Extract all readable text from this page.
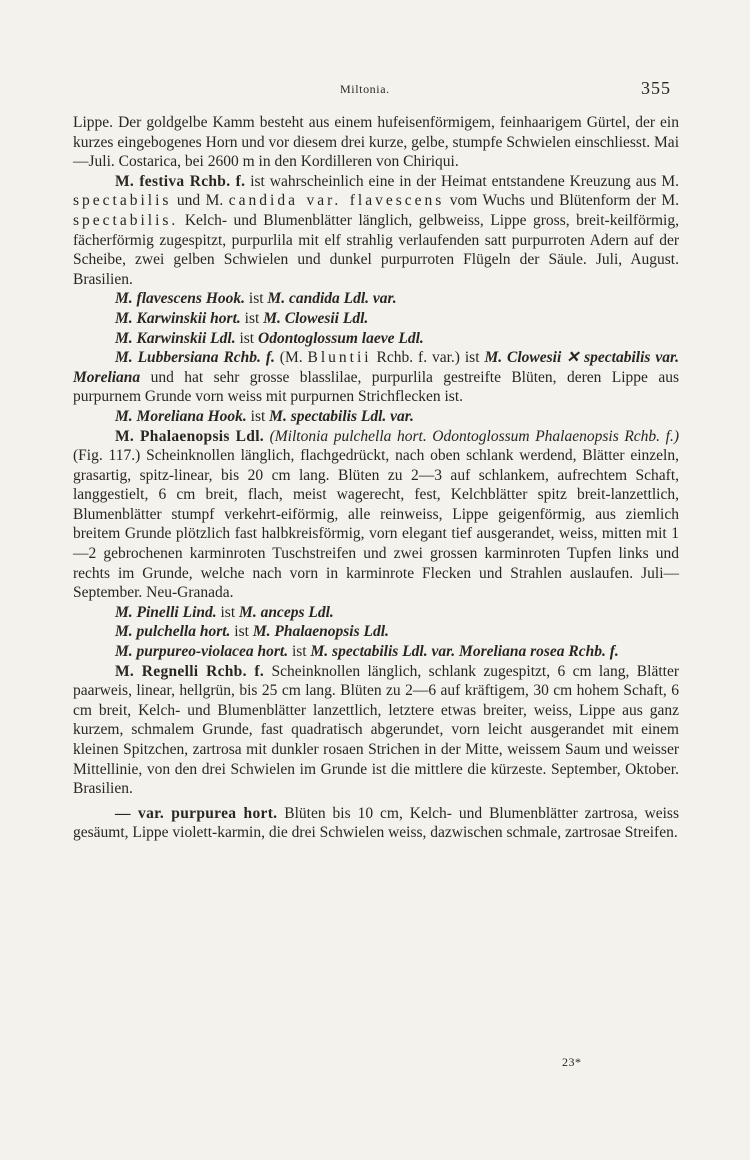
Miltonia.	355

Lippe. Der goldgelbe Kamm besteht aus einem hufeisenförmigem, feinhaarigem Gürtel, der ein kurzes eingebogenes Horn und vor diesem drei kurze, gelbe, stumpfe Schwielen einschliesst. Mai—Juli. Costarica, bei 2600 m in den Kordilleren von Chiriqui.

M. festiva Rchb. f. ist wahrscheinlich eine in der Heimat entstandene Kreuzung aus M. spectabilis und M. candida var. flavescens vom Wuchs und Blütenform der M. spectabilis. Kelch- und Blumenblätter länglich, gelbweiss, Lippe gross, breit-keilförmig, fächerförmig zugespitzt, purpurlila mit elf strahlig verlaufenden satt purpurroten Adern auf der Scheibe, zwei gelben Schwielen und dunkel purpurroten Flügeln der Säule. Juli, August. Brasilien.

M. flavescens Hook. ist M. candida Ldl. var.

M. Karwinskii hort. ist M. Clowesii Ldl.

M. Karwinskii Ldl. ist Odontoglossum laeve Ldl.

M. Lubbersiana Rchb. f. (M. Bluntii Rchb. f. var.) ist M. Clowesii ✕ spectabilis var. Moreliana und hat sehr grosse blasslilae, purpurlila gestreifte Blüten, deren Lippe aus purpurnem Grunde vorn weiss mit purpurnen Strichflecken ist.

M. Moreliana Hook. ist M. spectabilis Ldl. var.

M. Phalaenopsis Ldl. (Miltonia pulchella hort. Odontoglossum Phalaenopsis Rchb. f.) (Fig. 117.) Scheinknollen länglich, flachgedrückt, nach oben schlank werdend, Blätter einzeln, grasartig, spitz-linear, bis 20 cm lang. Blüten zu 2—3 auf schlankem, aufrechtem Schaft, langgestielt, 6 cm breit, flach, meist wagerecht, fest, Kelchblätter spitz breit-lanzettlich, Blumenblätter stumpf verkehrt-eiförmig, alle reinweiss, Lippe geigenförmig, aus ziemlich breitem Grunde plötzlich fast halbkreisförmig, vorn elegant tief ausgerandet, weiss, mitten mit 1—2 gebrochenen karminroten Tuschstreifen und zwei grossen karminroten Tupfen links und rechts im Grunde, welche nach vorn in karminrote Flecken und Strahlen auslaufen. Juli—September. Neu-Granada.

M. Pinelli Lind. ist M. anceps Ldl.

M. pulchella hort. ist M. Phalaenopsis Ldl.

M. purpureo-violacea hort. ist M. spectabilis Ldl. var. Moreliana rosea Rchb. f.

M. Regnelli Rchb. f. Scheinknollen länglich, schlank zugespitzt, 6 cm lang, Blätter paarweis, linear, hellgrün, bis 25 cm lang. Blüten zu 2—6 auf kräftigem, 30 cm hohem Schaft, 6 cm breit, Kelch- und Blumenblätter lanzettlich, letztere etwas breiter, weiss, Lippe aus ganz kurzem, schmalem Grunde, fast quadratisch abgerundet, vorn leicht ausgerandet mit einem kleinen Spitzchen, zartrosa mit dunkler rosaen Strichen in der Mitte, weissem Saum und weisser Mittellinie, von den drei Schwielen im Grunde ist die mittlere die kürzeste. September, Oktober. Brasilien.

— var. purpurea hort. Blüten bis 10 cm, Kelch- und Blumenblätter zartrosa, weiss gesäumt, Lippe violett-karmin, die drei Schwielen weiss, dazwischen schmale, zartrosae Streifen.

23*
